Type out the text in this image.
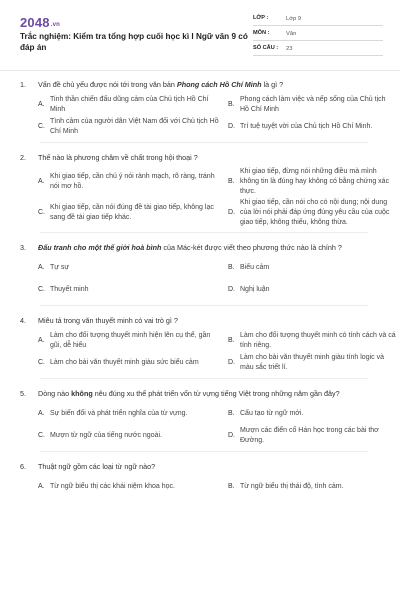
2048.vn
Trắc nghiệm: Kiểm tra tổng hợp cuối học kì I Ngữ văn 9 có đáp án
LỚP :	Lớp 9
MÔN :	Văn
SỐ CÂU :	23
1.	Vấn đề chủ yếu được nói tới trong văn bản Phong cách Hồ Chí Minh là gì ?
A.
Tinh thần chiến đấu dũng cảm của Chủ tịch Hồ Chí Minh
B.
Phong cách làm việc và nếp sống của Chủ tịch Hồ Chí Minh
C.
Tình cảm của người dân Việt Nam đối với Chủ tịch Hồ Chí Minh
D. Trí tuệ tuyệt vời của Chủ tịch Hồ Chí Minh.
2.	Thế nào là phương châm về chất trong hội thoại ?
A.
Khi giao tiếp, cần chú ý nói rành mạch, rõ ràng, tránh nói mơ hồ.
B.
Khi giao tiếp, đừng nói những điều mà mình không tin là đúng hay không có bằng chứng xác thực.
C.
Khi giao tiếp, cần nói đúng đề tài giao tiếp, không lạc sang đề tài giao tiếp khác.
D.
Khi giao tiếp, cần nói cho có nội dung; nội dung của lời nói phải đáp ứng đúng yêu cầu của cuộc giao tiếp, không thiếu, không thừa.
3.	Đấu tranh cho một thế giới hoà bình của Mác-két được viết theo phương thức nào là chính ?
A. Tự sự	B. Biểu cảm
C. Thuyết minh	D. Nghị luận
4.	Miêu tả trong văn thuyết minh có vai trò gì ?
A.
Làm cho đối tượng thuyết minh hiện lên cụ thể, gần gũi, dễ hiểu
B.
Làm cho đối tượng thuyết minh có tính cách và cá tính riêng.
C. Làm cho bài văn thuyết minh giàu sức biểu cảm	D.
Làm cho bài văn thuyết minh giàu tính logic và màu sắc triết lí.
5.	Dòng nào không nêu đúng xu thế phát triển vốn từ vựng tiếng Việt trong những năm gần đây?
A. Sự biến đổi và phát triển nghĩa của từ vựng.	B. Cấu tạo từ ngữ mới.
C. Mượn từ ngữ của tiếng nước ngoài.	D.
Mượn các điển cố Hán học trong các bài thơ Đường.
6.	Thuật ngữ gồm các loại từ ngữ nào?
A. Từ ngữ biểu thị các khái niệm khoa học.	B. Từ ngữ biểu thị thái độ, tình cảm.
